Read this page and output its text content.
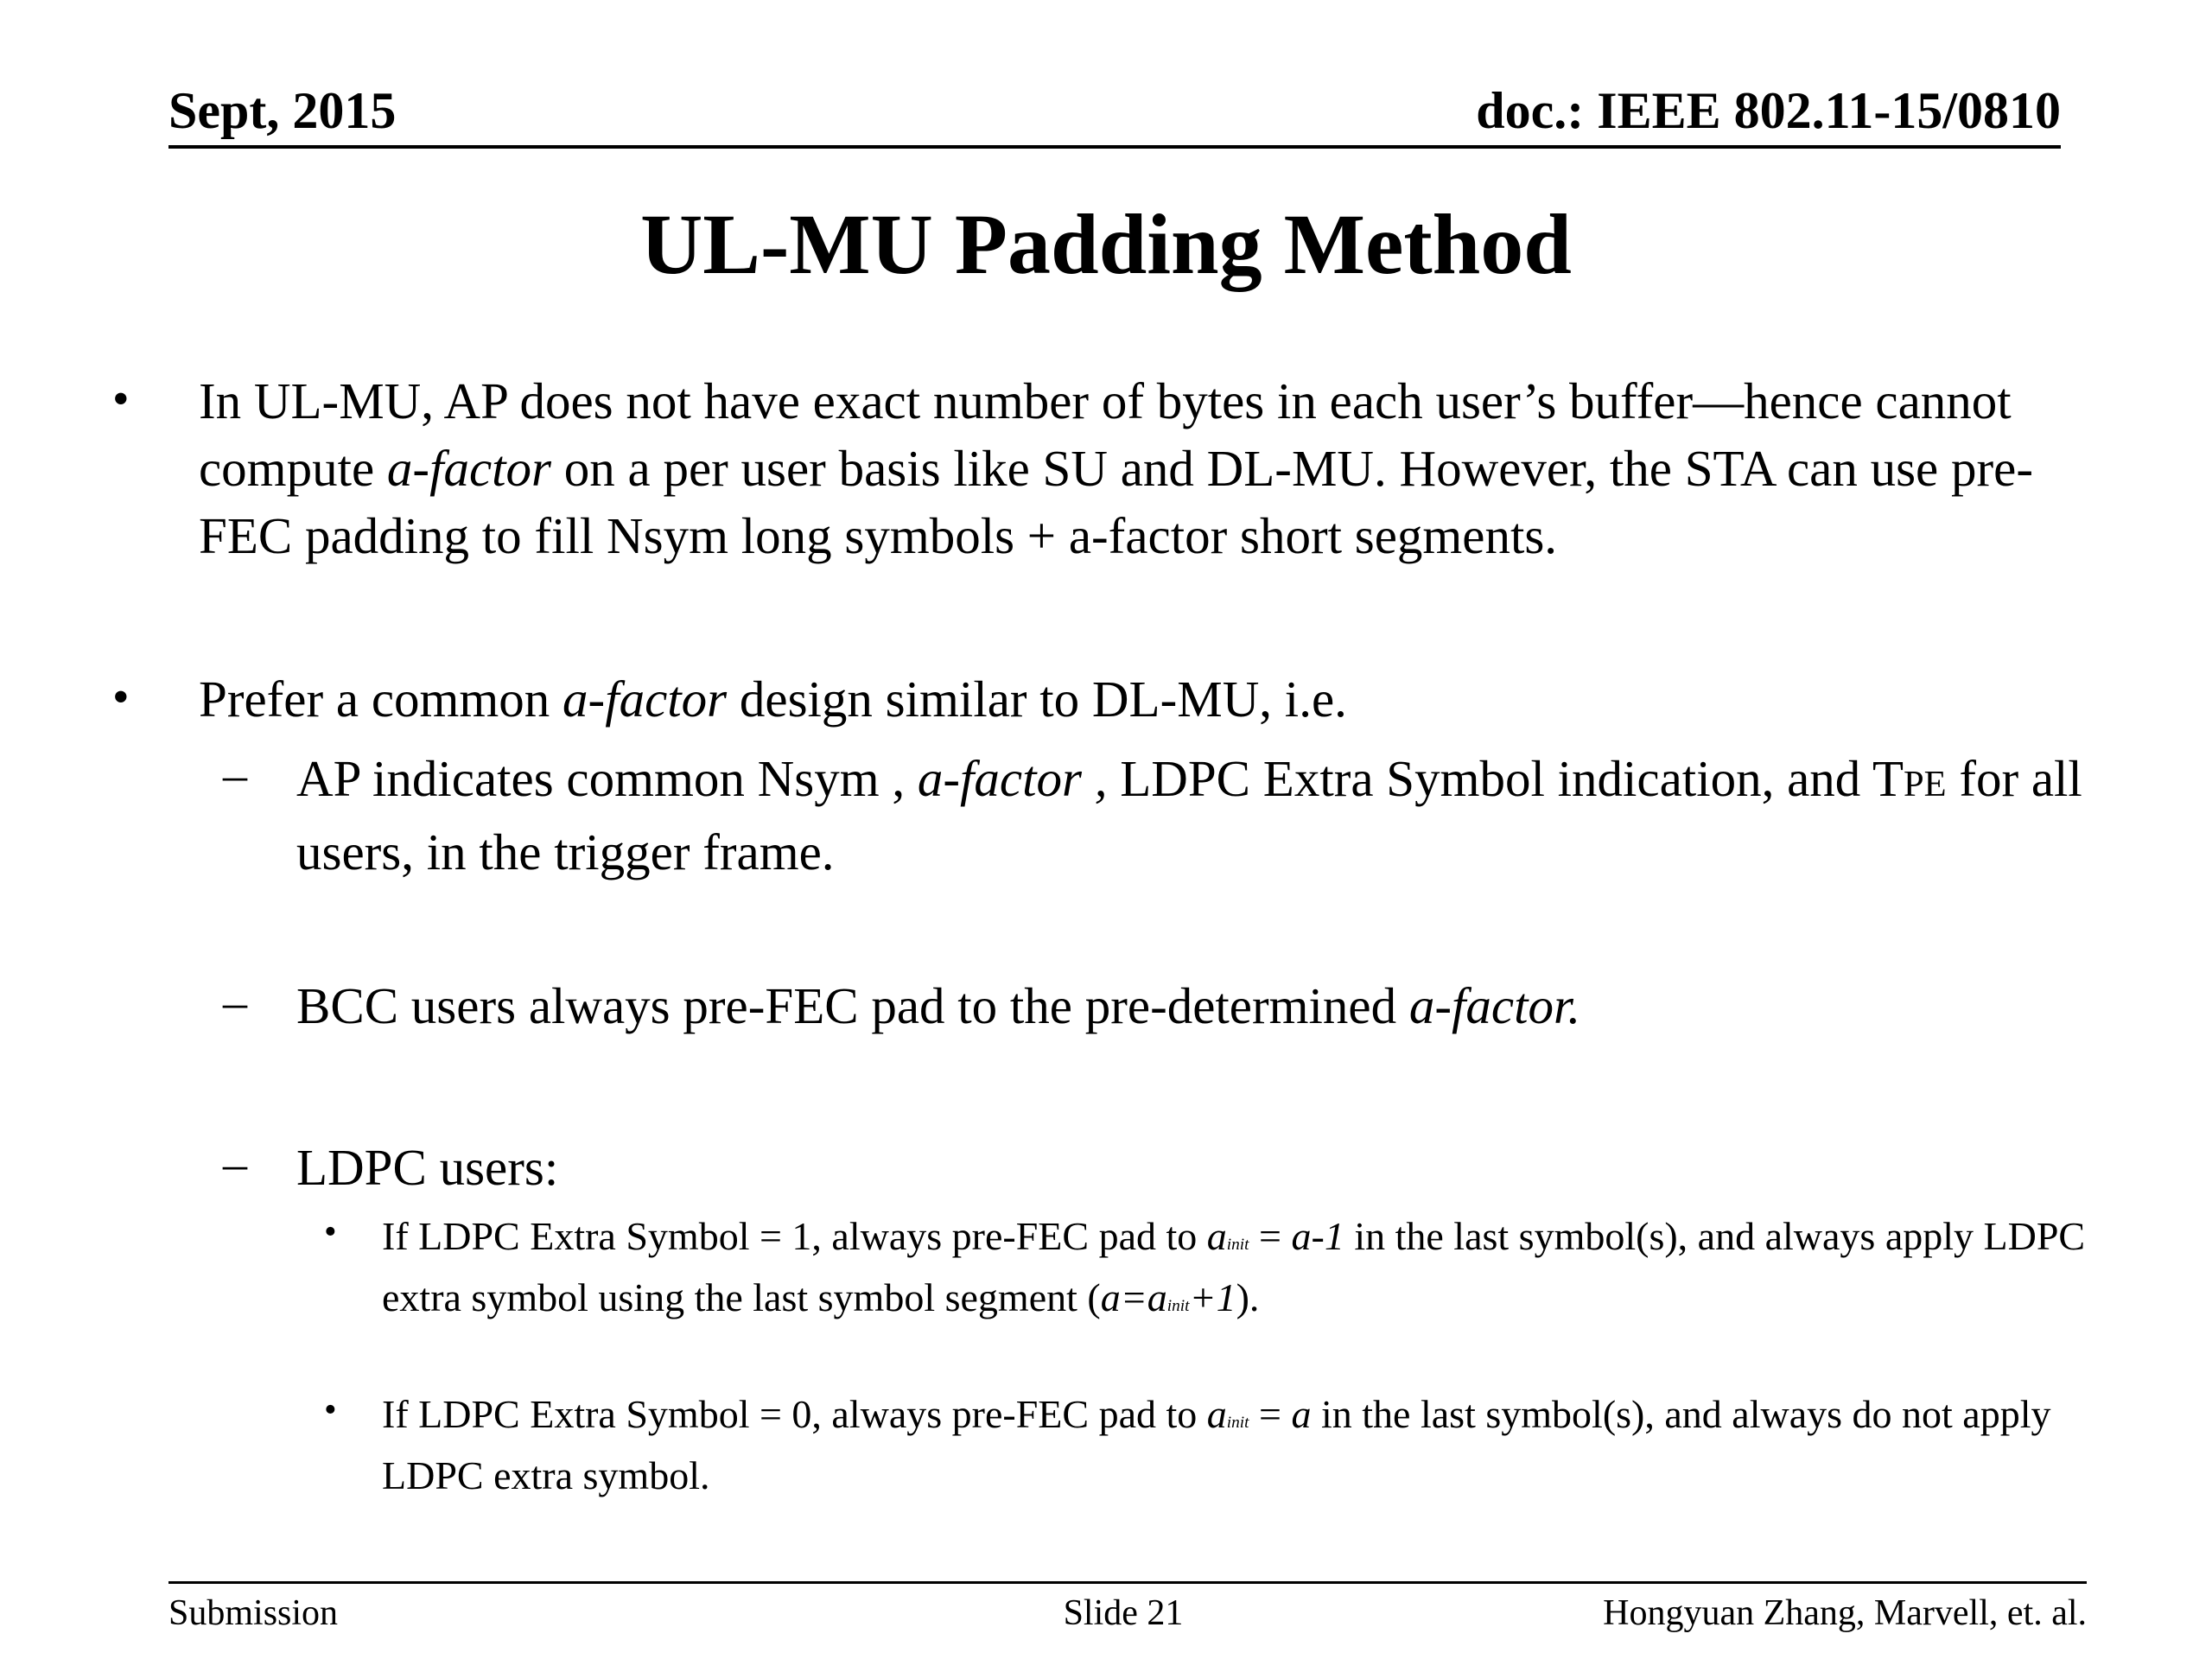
Sept, 2015	doc.: IEEE 802.11-15/0810
UL-MU Padding Method
• In UL-MU, AP does not have exact number of bytes in each user’s buffer—hence cannot compute a-factor on a per user basis like SU and DL-MU. However, the STA can use pre-FEC padding to fill Nsym long symbols + a-factor short segments.
• Prefer a common a-factor design similar to DL-MU, i.e.
– AP indicates common Nsym , a-factor , LDPC Extra Symbol indication, and TPE for all users, in the trigger frame.
– BCC users always pre-FEC pad to the pre-determined a-factor.
– LDPC users:
• If LDPC Extra Symbol = 1, always pre-FEC pad to ainit = a-1 in the last symbol(s), and always apply LDPC extra symbol using the last symbol segment (a=ainit+1).
• If LDPC Extra Symbol = 0, always pre-FEC pad to ainit = a in the last symbol(s), and always do not apply LDPC extra symbol.
Submission	Slide 21	Hongyuan Zhang, Marvell, et. al.
